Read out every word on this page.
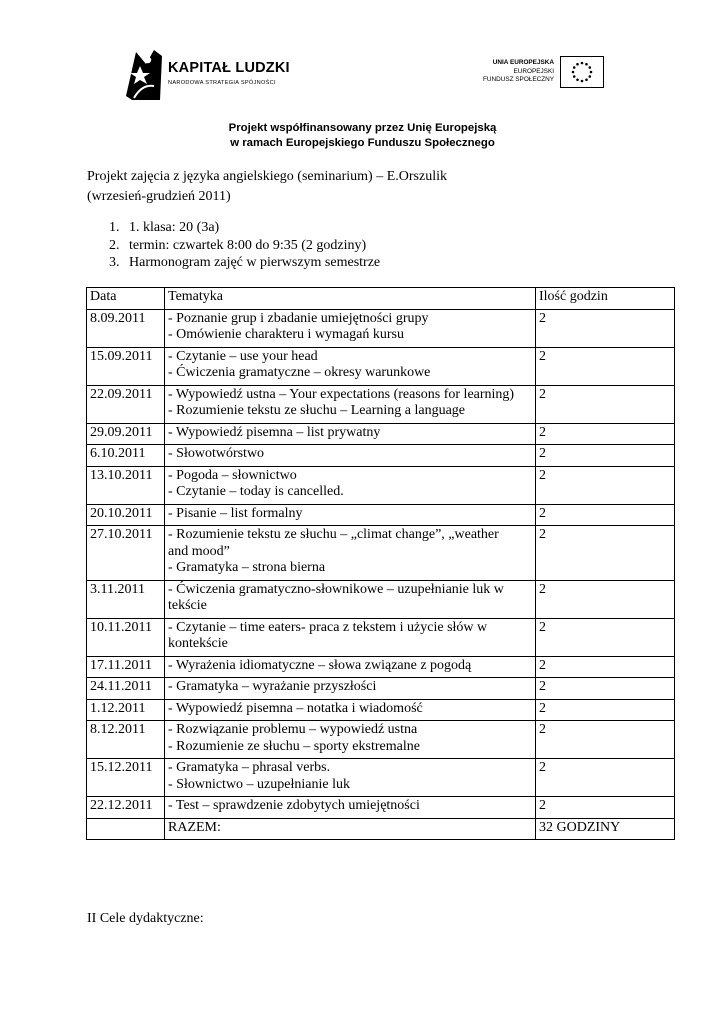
KAPITAŁ LUDZKI
NARODOWA STRATEGIA SPÓJNOŚCI
UNIA EUROPEJSKA
EUROPEJSKI
FUNDUSZ SPOŁECZNY
Projekt współfinansowany przez Unię Europejską
w ramach Europejskiego Funduszu Społecznego
Projekt zajęcia z języka angielskiego (seminarium) – E.Orszulik
(wrzesień-grudzień 2011)
1. 1. klasa: 20 (3a)
2. termin: czwartek 8:00 do 9:35 (2 godziny)
3. Harmonogram zajęć w pierwszym semestrze
Data	Tematyka	Ilość godzin
8.09.2011	- Poznanie grup i zbadanie umiejętności grupy
- Omówienie charakteru i wymagań kursu	2
15.09.2011	- Czytanie – use your head
- Ćwiczenia gramatyczne – okresy warunkowe	2
22.09.2011	- Wypowiedź ustna – Your expectations (reasons for learning)
- Rozumienie tekstu ze słuchu – Learning a language	2
29.09.2011	- Wypowiedź pisemna – list prywatny	2
6.10.2011	- Słowotwórstwo	2
13.10.2011	- Pogoda – słownictwo
- Czytanie – today is cancelled.	2
20.10.2011	- Pisanie – list formalny	2
27.10.2011	- Rozumienie tekstu ze słuchu – „climat change”, „weather
and mood”
- Gramatyka – strona bierna	2
3.11.2011	- Ćwiczenia gramatyczno-słownikowe – uzupełnianie luk w
tekście	2
10.11.2011	- Czytanie – time eaters- praca z tekstem i użycie słów w
kontekście	2
17.11.2011	- Wyrażenia idiomatyczne – słowa związane z pogodą	2
24.11.2011	- Gramatyka – wyrażanie przyszłości	2
1.12.2011	- Wypowiedź pisemna – notatka i wiadomość	2
8.12.2011	- Rozwiązanie problemu – wypowiedź ustna
- Rozumienie ze słuchu – sporty ekstremalne	2
15.12.2011	- Gramatyka – phrasal verbs.
- Słownictwo – uzupełnianie luk	2
22.12.2011	- Test – sprawdzenie zdobytych umiejętności	2
	RAZEM:	32 GODZINY
II Cele dydaktyczne:
